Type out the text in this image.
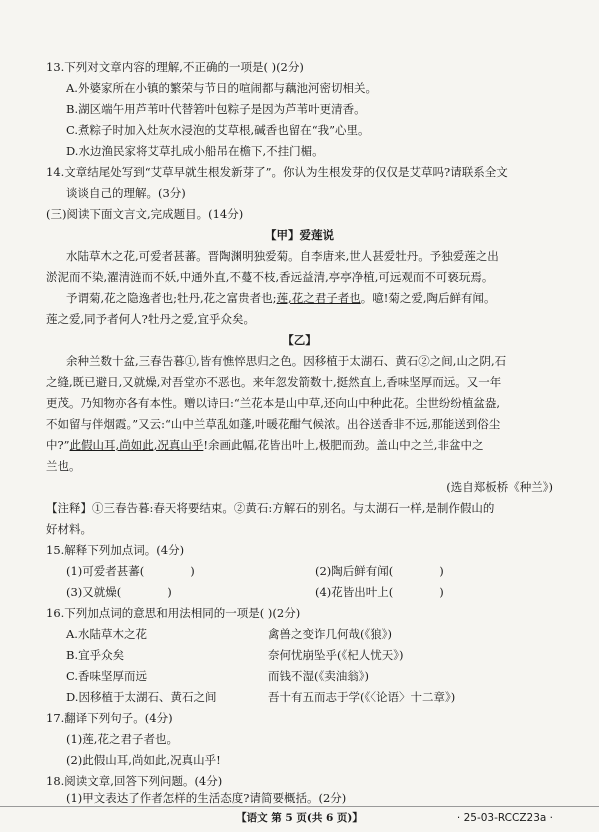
13.下列对文章内容的理解,不正确的一项是( )(2分)
A.外婆家所在小镇的繁荣与节日的喧闹都与藕池河密切相关。
B.湖区端午用芦苇叶代替箬叶包粽子是因为芦苇叶更清香。
C.煮粽子时加入灶灰水浸泡的艾草根,碱香也留在“我”心里。
D.水边渔民家将艾草扎成小船吊在檐下,不挂门楣。
14.文章结尾处写到“艾草早就生根发新芽了”。你认为生根发芽的仅仅是艾草吗?请联系全文
谈谈自己的理解。(3分)
(三)阅读下面文言文,完成题目。(14分)
【甲】爱莲说
水陆草木之花,可爱者甚蕃。晋陶渊明独爱菊。自李唐来,世人甚爱牡丹。予独爱莲之出
淤泥而不染,濯清涟而不妖,中通外直,不蔓不枝,香远益清,亭亭净植,可远观而不可亵玩焉。
予谓菊,花之隐逸者也;牡丹,花之富贵者也;莲,花之君子者也。噫!菊之爱,陶后鲜有闻。
莲之爱,同予者何人?牡丹之爱,宜乎众矣。
【乙】
余种兰数十盆,三春告暮①,皆有憔悴思归之色。因移植于太湖石、黄石②之间,山之阴,石
之缝,既已避日,又就燥,对吾堂亦不恶也。来年忽发箭数十,挺然直上,香味坚厚而远。又一年
更茂。乃知物亦各有本性。赠以诗曰:“兰花本是山中草,还向山中种此花。尘世纷纷植盆盎,
不如留与伴烟霞。”又云:“山中兰草乱如蓬,叶暖花酣气候浓。出谷送香非不远,那能送到俗尘
中?”此假山耳,尚如此,况真山乎!余画此幅,花皆出叶上,极肥而劲。盖山中之兰,非盆中之
兰也。
(选自郑板桥《种兰》)
【注释】①三春告暮:春天将要结束。②黄石:方解石的别名。与太湖石一样,是制作假山的
好材料。
15.解释下列加点词。(4分)
(1)可爱者甚蕃(	)	(2)陶后鲜有闻(	)
(3)又就燥(	)	(4)花皆出叶上(	)
16.下列加点词的意思和用法相同的一项是( )(2分)
A.水陆草木之花	禽兽之变诈几何哉(《狼》)
B.宜乎众矣	奈何忧崩坠乎(《杞人忧天》)
C.香味坚厚而远	而钱不湿(《卖油翁》)
D.因移植于太湖石、黄石之间	吾十有五而志于学(《〈论语〉十二章》)
17.翻译下列句子。(4分)
(1)莲,花之君子者也。
(2)此假山耳,尚如此,况真山乎!
18.阅读文章,回答下列问题。(4分)
(1)甲文表达了作者怎样的生活态度?请简要概括。(2分)
【语文 第 5 页(共 6 页)】	· 25-03-RCCZ23a ·
